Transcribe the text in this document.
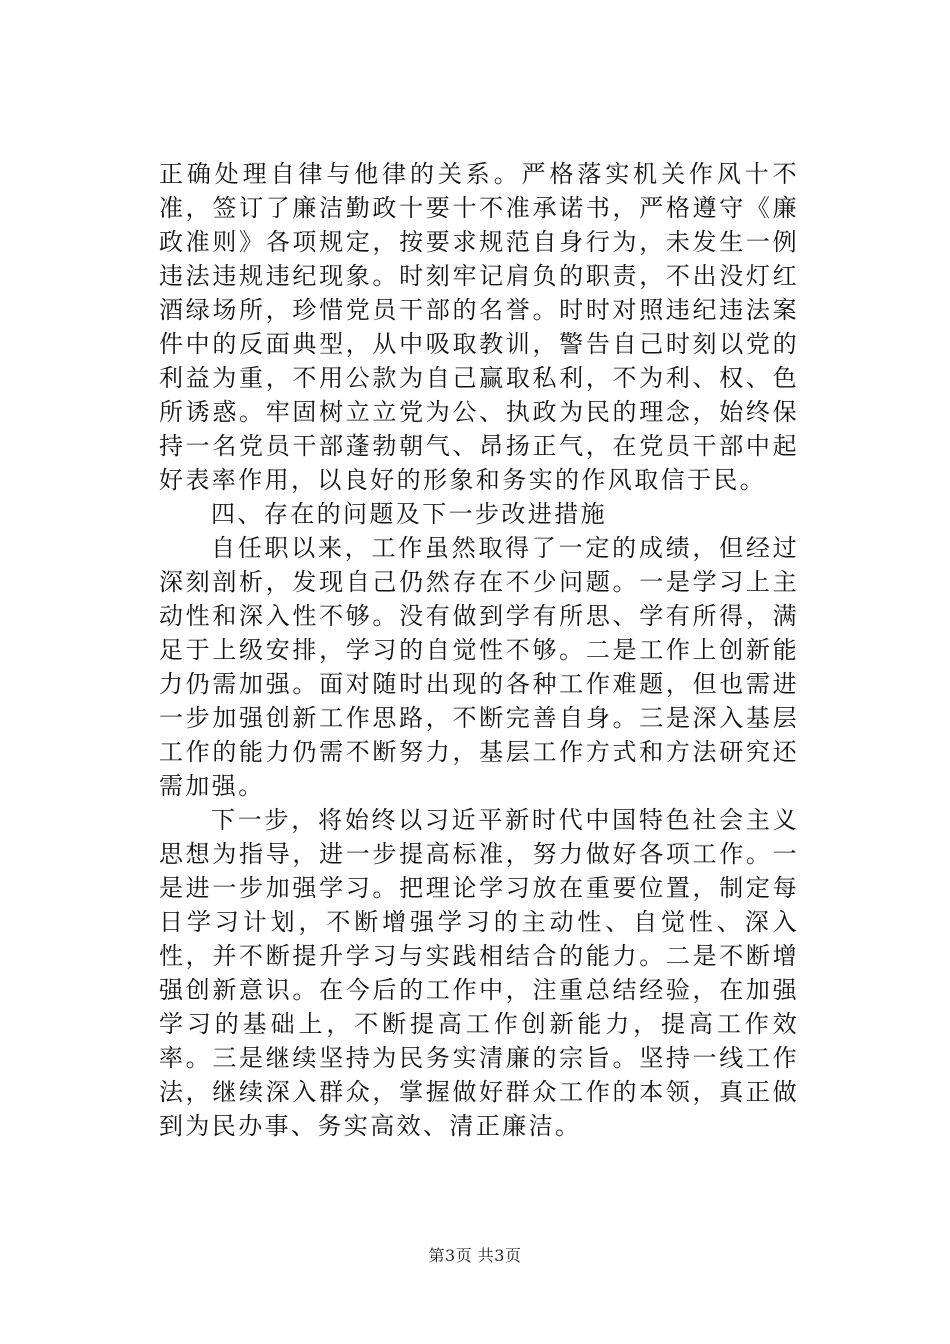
正确处理自律与他律的关系。严格落实机关作风十不准，签订了廉洁勤政十要十不准承诺书，严格遵守《廉政准则》各项规定，按要求规范自身行为，未发生一例违法违规违纪现象。时刻牢记肩负的职责，不出没灯红酒绿场所，珍惜党员干部的名誉。时时对照违纪违法案件中的反面典型，从中吸取教训，警告自己时刻以党的利益为重，不用公款为自己赢取私利，不为利、权、色所诱惑。牢固树立立党为公、执政为民的理念，始终保持一名党员干部蓬勃朝气、昂扬正气，在党员干部中起好表率作用，以良好的形象和务实的作风取信于民。

四、存在的问题及下一步改进措施

自任职以来，工作虽然取得了一定的成绩，但经过深刻剖析，发现自己仍然存在不少问题。一是学习上主动性和深入性不够。没有做到学有所思、学有所得，满足于上级安排，学习的自觉性不够。二是工作上创新能力仍需加强。面对随时出现的各种工作难题，但也需进一步加强创新工作思路，不断完善自身。三是深入基层工作的能力仍需不断努力，基层工作方式和方法研究还需加强。

下一步，将始终以习近平新时代中国特色社会主义思想为指导，进一步提高标准，努力做好各项工作。一是进一步加强学习。把理论学习放在重要位置，制定每日学习计划，不断增强学习的主动性、自觉性、深入性，并不断提升学习与实践相结合的能力。二是不断增强创新意识。在今后的工作中，注重总结经验，在加强学习的基础上，不断提高工作创新能力，提高工作效率。三是继续坚持为民务实清廉的宗旨。坚持一线工作法，继续深入群众，掌握做好群众工作的本领，真正做到为民办事、务实高效、清正廉洁。

第3页 共3页
